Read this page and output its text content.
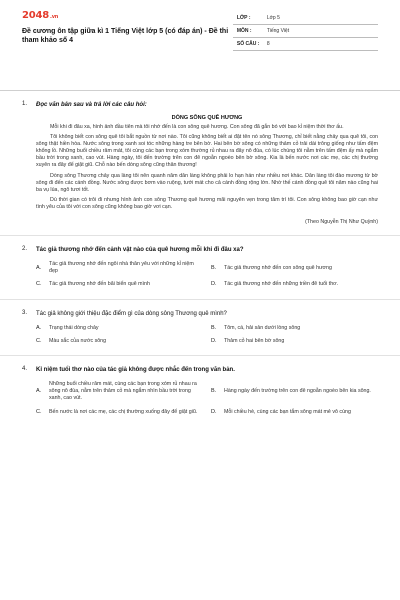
2048.vn
Đề cương ôn tập giữa kì 1 Tiếng Việt lớp 5 (có đáp án) - Đề thi tham khảo số 4
LỚP :	Lớp 5
MÔN :	Tiếng Việt
SỐ CÂU :	8
1.	Đọc văn bản sau và trả lời các câu hỏi:
DÒNG SÔNG QUÊ HƯƠNG

Mỗi khi đi đâu xa, hình ảnh đầu tiên mà tôi nhớ đến là con sông quê hương. Con sông đã gắn bó với bao kỉ niệm thời thơ ấu.

Tôi không biết con sông quê tôi bắt nguồn từ nơi nào. Tôi cũng không biết ai đặt tên nó sông Thương, chỉ biết nằng chảy qua quê tôi, con sông thật hiền hòa. Nước sông trong xanh soi tóc những hàng tre bên bờ. Hai bên bờ sông có những thảm cỏ trải dài trông giống như tấm đệm khổng lồ. Những buổi chiều râm mát, tôi cùng các bạn trong xóm thường rủ nhau ra đây nô đùa, có lúc chúng tôi nằm trên tấm đệm ấy mà ngắm bầu trời trong xanh, cao vút. Hàng ngày, tôi đến trường trên con đê ngoằn ngoèo bên bờ sông. Kia là bến nước nơi các mẹ, các chị thường xuyên ra đây để giặt giũ. Chỗ nào bến dòng sông cũng thân thương!

Dòng sông Thương chảy qua làng tôi nên quanh năm dân làng không phải lo hạn hán như nhiều nơi khác. Dân làng tôi đào mương từ bờ sông đi đến các cánh đồng. Nước sông được bơm vào ruộng, tưới mát cho cả cánh đồng rộng lớn. Nhờ thế cánh đồng quê tôi năm nào cũng hai ba vụ lúa, ngô tươi tốt.

Dù thời gian có trôi đi nhưng hình ảnh con sông Thương quê hương mãi nguyên vẹn trong tâm trí tôi. Con sông không bao giờ cạn như tình yêu của tôi với con sông cũng không bao giờ vơi cạn.

(Theo Nguyễn Thị Như Quỳnh)
2.	Tác giả thương nhớ đến cảnh vật nào của quê hương mỗi khi đi đâu xa?
A.
Tác giả thương nhớ đến ngôi nhà thân yêu với những kỉ niệm đẹp
B.	Tác giả thương nhớ đến con sông quê hương
C.	Tác giả thương nhớ đến bãi biển quê mình	D.	Tác giả thương nhớ đến những triền đê tuổi thơ.
3.	Tác giả không giới thiệu đặc điểm gì của dòng sông Thương quê mình?
A.	Trạng thái dòng chảy	B.	Tôm, cá, hải sản dưới lòng sông
C.	Màu sắc của nước sông	D.	Thảm cỏ hai bên bờ sông
4.	Kỉ niệm tuổi thơ nào của tác giả không được nhắc đến trong văn bản.
A.
Những buổi chiều râm mát, cùng các bạn trong xóm rủ nhau ra sông nô đùa, nằm trên thảm cỏ mà ngắm nhìn bầu trời trong xanh, cao vút.
B.	Hàng ngày đến trường trên con đê ngoằn ngoèo bên kia sông.
C.	Bến nước là nơi các mẹ, các chị thường xuống đây để giặt giũ.	D.	Mỗi chiều hè, cùng các bạn tắm sông mát mẻ vô cùng
